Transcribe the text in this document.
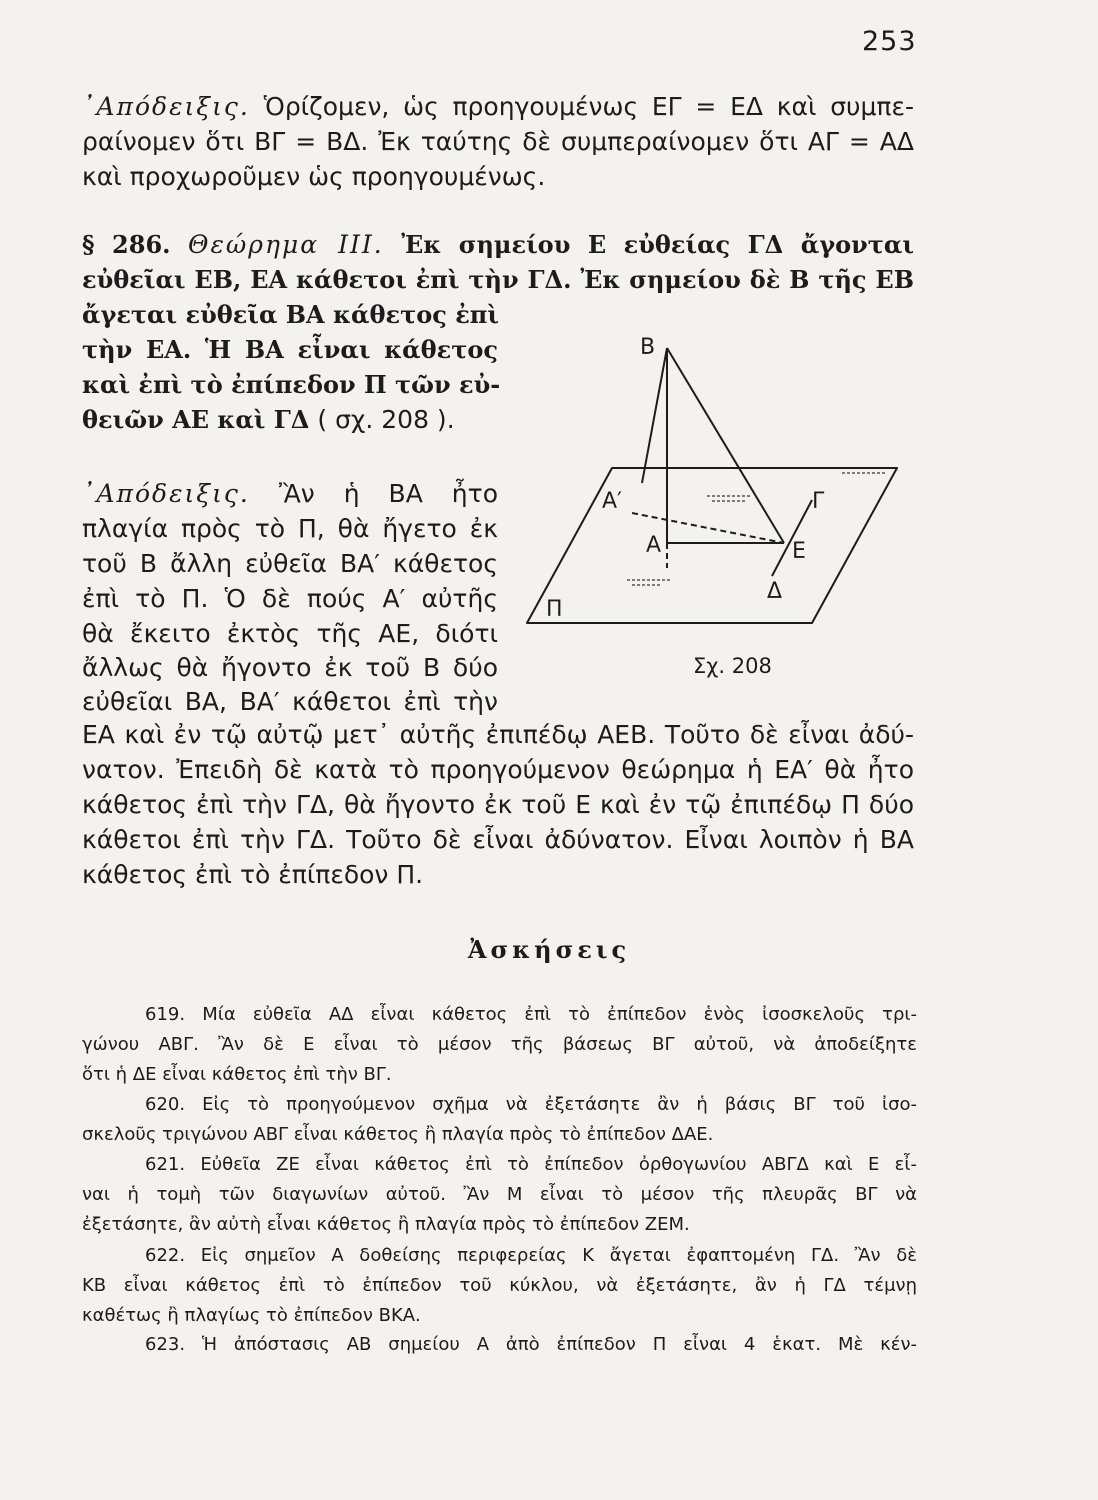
253
᾿Απόδειξις. Ὁρίζομεν, ὡς προηγουμένως ΕΓ = ΕΔ καὶ συμπε-
ραίνομεν ὅτι ΒΓ = ΒΔ. Ἐκ ταύτης δὲ συμπεραίνομεν ὅτι ΑΓ = ΑΔ
καὶ προχωροῦμεν ὡς προηγουμένως.
§ 286. Θεώρημα III. Ἐκ σημείου Ε εὐθείας ΓΔ ἄγονται
εὐθεῖαι ΕΒ, ΕΑ κάθετοι ἐπὶ τὴν ΓΔ. Ἐκ σημείου δὲ Β τῆς ΕΒ
ἄγεται εὐθεῖα ΒΑ κάθετος ἐπὶ
τὴν ΕΑ. Ἡ ΒΑ εἶναι κάθετος
καὶ ἐπὶ τὸ ἐπίπεδον Π τῶν εὐ-
θειῶν ΑΕ καὶ ΓΔ ( σχ. 208 ).
᾿Απόδειξις. Ἂν ἡ ΒΑ ἦτο
πλαγία πρὸς τὸ Π, θὰ ἤγετο ἐκ
τοῦ Β ἄλλη εὐθεῖα ΒΑ′ κάθετος
ἐπὶ τὸ Π. Ὁ δὲ πούς Α′ αὐτῆς
θὰ ἔκειτο ἐκτὸς τῆς ΑΕ, διότι
ἄλλως θὰ ἤγοντο ἐκ τοῦ Β δύο
εὐθεῖαι ΒΑ, ΒΑ′ κάθετοι ἐπὶ τὴν
ΕΑ καὶ ἐν τῷ αὐτῷ μετ᾿ αὐτῆς ἐπιπέδῳ ΑΕΒ. Τοῦτο δὲ εἶναι ἀδύ-
νατον. Ἐπειδὴ δὲ κατὰ τὸ προηγούμενον θεώρημα ἡ ΕΑ′ θὰ ἦτο
κάθετος ἐπὶ τὴν ΓΔ, θὰ ἤγοντο ἐκ τοῦ Ε καὶ ἐν τῷ ἐπιπέδῳ Π δύο
κάθετοι ἐπὶ τὴν ΓΔ. Τοῦτο δὲ εἶναι ἀδύνατον. Εἶναι λοιπὸν ἡ ΒΑ
κάθετος ἐπὶ τὸ ἐπίπεδον Π.
Β
Α′
Α
Γ
Ε
Δ
Π
Σχ. 208
Ἀσκήσεις
619. Μία εὐθεῖα ΑΔ εἶναι κάθετος ἐπὶ τὸ ἐπίπεδον ἑνὸς ἰσοσκελοῦς τρι-
γώνου ΑΒΓ. Ἂν δὲ Ε εἶναι τὸ μέσον τῆς βάσεως ΒΓ αὐτοῦ, νὰ ἀποδείξητε
ὅτι ἡ ΔΕ εἶναι κάθετος ἐπὶ τὴν ΒΓ.
620. Εἰς τὸ προηγούμενον σχῆμα νὰ ἐξετάσητε ἂν ἡ βάσις ΒΓ τοῦ ἰσο-
σκελοῦς τριγώνου ΑΒΓ εἶναι κάθετος ἢ πλαγία πρὸς τὸ ἐπίπεδον ΔΑΕ.
621. Εὐθεῖα ΖΕ εἶναι κάθετος ἐπὶ τὸ ἐπίπεδον ὀρθογωνίου ΑΒΓΔ καὶ Ε εἶ-
ναι ἡ τομὴ τῶν διαγωνίων αὐτοῦ. Ἂν Μ εἶναι τὸ μέσον τῆς πλευρᾶς ΒΓ νὰ
ἐξετάσητε, ἂν αὐτὴ εἶναι κάθετος ἢ πλαγία πρὸς τὸ ἐπίπεδον ΖΕΜ.
622. Εἰς σημεῖον Α δοθείσης περιφερείας Κ ἄγεται ἐφαπτομένη ΓΔ. Ἂν δὲ
ΚΒ εἶναι κάθετος ἐπὶ τὸ ἐπίπεδον τοῦ κύκλου, νὰ ἐξετάσητε, ἂν ἡ ΓΔ τέμνῃ
καθέτως ἢ πλαγίως τὸ ἐπίπεδον ΒΚΑ.
623. Ἡ ἀπόστασις ΑΒ σημείου Α ἀπὸ ἐπίπεδον Π εἶναι 4 ἑκατ. Μὲ κέν-
